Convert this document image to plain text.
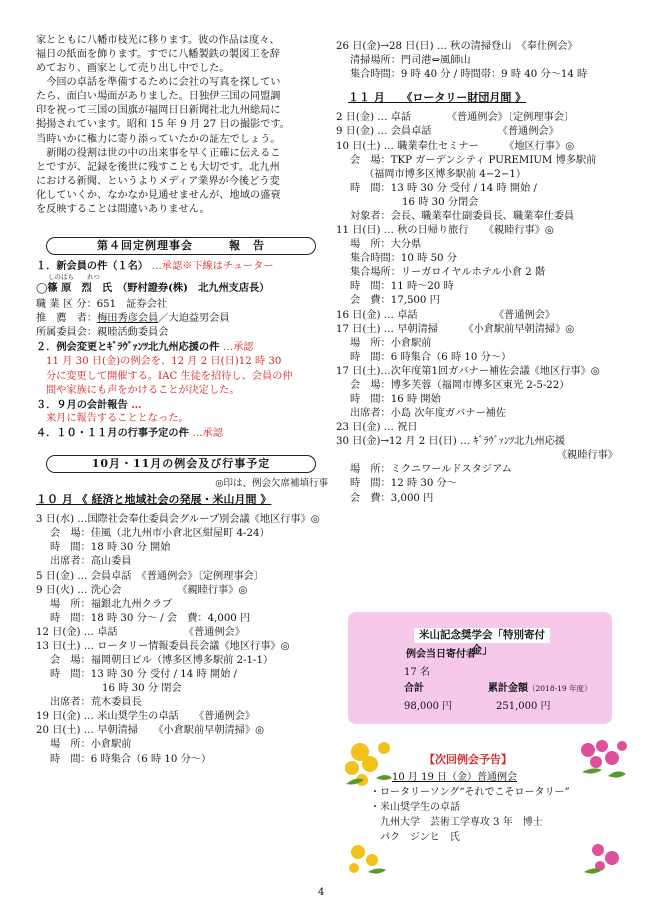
家とともに八幡市枝光に移ります。彼の作品は度々、

福日の紙面を飾ります。すでに八幡製鉄の製図工を辞

めており、画家として売り出し中でした。

今回の卓話を準備するために会社の写真を探してい

たら、面白い場面がありました。日独伊三国の同盟調

印を祝って三国の国旗が福岡日日新聞社北九州総局に

掲揚されています。昭和 15 年 9 月 27 日の撮影です。

当時いかに権力に寄り添っていたかの証左でしょう。

新聞の役割は世の中の出来事を早く正確に伝えるこ

とですが、記録を後世に残すことも大切です。北九州

における新聞、というよりメディア業界が今後どう変

化していくか、なかなか見通せませんが、地域の盛衰

を反映することは間違いありません。

第４回定例理事会　　　報　告

１．新会員の件（１名） …承認※下線はチューター

しのはら　　れつ

◯篠 原　烈　氏　（野村證券(株)　北九州支店長）

職 業 区 分：651　証券会社

推　薦　者：梅田秀彦会員／大迫益男会員

所属委員会：親睦活動委員会

２．例会変更とｷﾞﾗｳﾞｧﾝﾂ北九州応援の件 …承認

11 月 30 日(金)の例会を、12 月 2 日(日)12 時 30

分に変更して開催する。IAC 生徒を招待し、会員の仲

間や家族にも声をかけることが決定した。

３．９月の会計報告 …

来月に報告することとなった。

４．１０・１１月の行事予定の件 …承認

10月・11月の例会及び行事予定

◎印は、例会欠席補填行事

１０ 月 《 経済と地域社会の発展・米山月間 》

3 日(水) …国際社会奉仕委員会グループ別会議《地区行事》◎

会　場：佳風（北九州市小倉北区紺屋町 4-24）

時　間：18 時 30 分 開始

出席者：高山委員

5 日(金) … 会員卓話　《普通例会》〔定例理事会〕

9 日(火) … 洗心会　　　　　　《親睦行事》◎

場　所：福銀北九州クラブ

時　間：18 時 30 分～ / 会　費：4,000 円

12 日(金) … 卓話　　　　　　　《普通例会》

13 日(土) … ロータリー情報委員長会議《地区行事》◎

会　場：福岡朝日ビル（博多区博多駅前 2-1-1）

時　間：13 時 30 分 受付 / 14 時 開始 /

16 時 30 分 閉会

出席者：荒木委員長

19 日(金) … 米山奨学生の卓話　　《普通例会》

20 日(土) … 早朝清掃　　《小倉駅前早朝清掃》◎

場　所：小倉駅前

時　間：6 時集合（6 時 10 分～）

26 日(金)→28 日(日) … 秋の清掃登山　《奉仕例会》

清掃場所：門司港⇔風師山

集合時間：9 時 40 分 / 時間帯：9 時 40 分～14 時

１１ 月　　《ロータリー財団月間 》

2 日(金) … 卓話　　　　《普通例会》〔定例理事会〕

9 日(金) … 会員卓話　　　　　　　《普通例会》

10 日(土) … 職業奉仕セミナー　　　《地区行事》◎

会　場：TKP ガーデンシティ PUREMIUM 博多駅前

（福岡市博多区博多駅前 4−2−1）

時　間：13 時 30 分 受付 / 14 時 開始 /

16 時 30 分閉会

対象者：会長、職業奉仕副委員長、職業奉仕委員

11 日(日) … 秋の日帰り旅行　　《親睦行事》◎

場　所：大分県

集合時間：10 時 50 分

集合場所：リーガロイヤルホテル小倉 2 階

時　間：11 時～20 時

会　費：17,500 円

16 日(金) … 卓話　　　　　　　　《普通例会》

17 日(土) … 早朝清掃　　　《小倉駅前早朝清掃》◎

場　所：小倉駅前

時　間：6 時集合（6 時 10 分～）

17 日(土)…次年度第1回ガバナー補佐会議《地区行事》◎

会　場：博多芙蓉（福岡市博多区東光 2-5-22）

時　間：16 時 開始

出席者：小島 次年度ガバナー補佐

23 日(金) … 祝日

30 日(金)→12 月 2 日(日) … ｷﾞﾗｳﾞｧﾝﾂ北九州応援

《親睦行事》

場　所：ミクニワールドスタジアム

時　間：12 時 30 分～

会　費：3,000 円

米山記念奨学会「特別寄付金」
例会当日寄付者
17 名
合計	累計金額（2018-19 年度）
98,000 円	251,000 円
【次回例会予告】

10 月 19 日（金）普通例会

・ロータリーソング“それでこそロータリー”

・米山奨学生の卓話

　九州大学　芸術工学専攻 3 年　博士

　パク　ジンヒ　氏

4
